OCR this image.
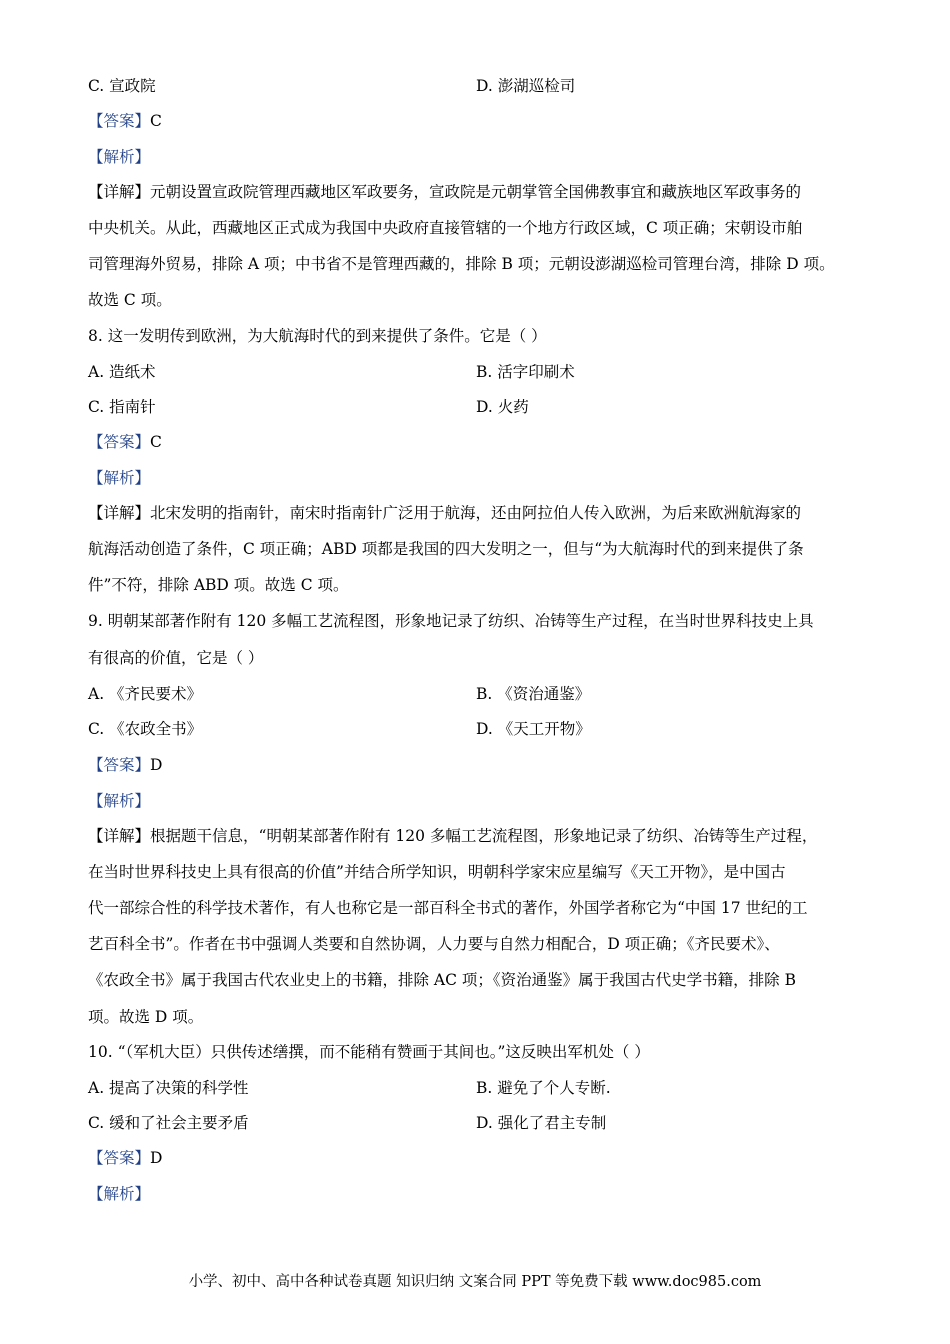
C. 宣政院	D. 澎湖巡检司
【答案】C
【解析】
【详解】元朝设置宣政院管理西藏地区军政要务，宣政院是元朝掌管全国佛教事宜和藏族地区军政事务的
中央机关。从此，西藏地区正式成为我国中央政府直接管辖的一个地方行政区域，C 项正确；宋朝设市舶
司管理海外贸易，排除 A 项；中书省不是管理西藏的，排除 B 项；元朝设澎湖巡检司管理台湾，排除 D 项。
故选 C 项。
8. 这一发明传到欧洲，为大航海时代的到来提供了条件。它是（ ）
A. 造纸术	B. 活字印刷术
C. 指南针	D. 火药
【答案】C
【解析】
【详解】北宋发明的指南针，南宋时指南针广泛用于航海，还由阿拉伯人传入欧洲，为后来欧洲航海家的
航海活动创造了条件，C 项正确；ABD 项都是我国的四大发明之一，但与“为大航海时代的到来提供了条
件”不符，排除 ABD 项。故选 C 项。
9. 明朝某部著作附有 120 多幅工艺流程图，形象地记录了纺织、冶铸等生产过程，在当时世界科技史上具
有很高的价值，它是（ ）
A. 《齐民要术》	B. 《资治通鉴》
C. 《农政全书》	D. 《天工开物》
【答案】D
【解析】
【详解】根据题干信息，“明朝某部著作附有 120 多幅工艺流程图，形象地记录了纺织、冶铸等生产过程，
在当时世界科技史上具有很高的价值”并结合所学知识，明朝科学家宋应星编写《天工开物》，是中国古
代一部综合性的科学技术著作，有人也称它是一部百科全书式的著作，外国学者称它为“中国 17 世纪的工
艺百科全书”。作者在书中强调人类要和自然协调，人力要与自然力相配合，D 项正确；《齐民要术》、
《农政全书》属于我国古代农业史上的书籍，排除 AC 项；《资治通鉴》属于我国古代史学书籍，排除 B
项。故选 D 项。
10. “（军机大臣）只供传述缮撰，而不能稍有赞画于其间也。”这反映出军机处（ ）
A. 提高了决策的科学性	B. 避免了个人专断.
C. 缓和了社会主要矛盾	D. 强化了君主专制
【答案】D
【解析】
小学、初中、高中各种试卷真题 知识归纳 文案合同 PPT 等免费下载 www.doc985.com
